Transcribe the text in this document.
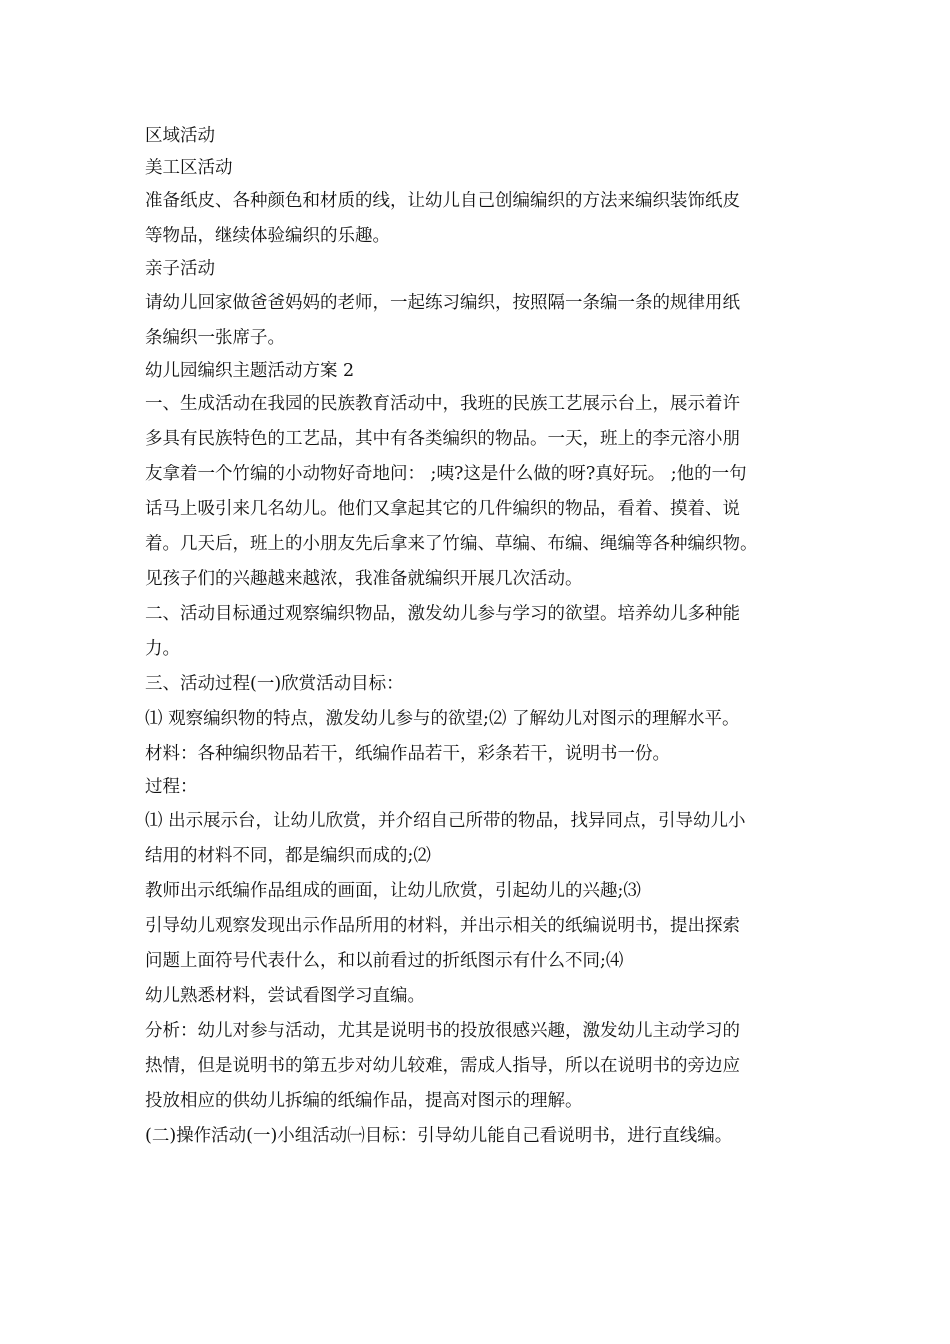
区域活动

美工区活动

准备纸皮、各种颜色和材质的线，让幼儿自己创编编织的方法来编织装饰纸皮

等物品，继续体验编织的乐趣。

亲子活动

请幼儿回家做爸爸妈妈的老师，一起练习编织，按照隔一条编一条的规律用纸

条编织一张席子。

幼儿园编织主题活动方案 2

一、生成活动在我园的民族教育活动中，我班的民族工艺展示台上，展示着许

多具有民族特色的工艺品，其中有各类编织的物品。一天，班上的李元溶小朋

友拿着一个竹编的小动物好奇地问： ;咦?这是什么做的呀?真好玩。 ;他的一句

话马上吸引来几名幼儿。他们又拿起其它的几件编织的物品，看着、摸着、说

着。几天后，班上的小朋友先后拿来了竹编、草编、布编、绳编等各种编织物。

见孩子们的兴趣越来越浓，我准备就编织开展几次活动。

二、活动目标通过观察编织物品，激发幼儿参与学习的欲望。培养幼儿多种能

力。

三、活动过程(一)欣赏活动目标：

⑴ 观察编织物的特点，激发幼儿参与的欲望;⑵ 了解幼儿对图示的理解水平。

材料：各种编织物品若干，纸编作品若干，彩条若干，说明书一份。

过程：

⑴ 出示展示台，让幼儿欣赏，并介绍自己所带的物品，找异同点，引导幼儿小

结用的材料不同，都是编织而成的;⑵

教师出示纸编作品组成的画面，让幼儿欣赏，引起幼儿的兴趣;⑶

引导幼儿观察发现出示作品所用的材料，并出示相关的纸编说明书，提出探索

问题上面符号代表什么，和以前看过的折纸图示有什么不同;⑷

幼儿熟悉材料，尝试看图学习直编。

分析：幼儿对参与活动，尤其是说明书的投放很感兴趣，激发幼儿主动学习的

热情，但是说明书的第五步对幼儿较难，需成人指导，所以在说明书的旁边应

投放相应的供幼儿拆编的纸编作品，提高对图示的理解。

(二)操作活动(一)小组活动㈠目标：引导幼儿能自己看说明书，进行直线编。
